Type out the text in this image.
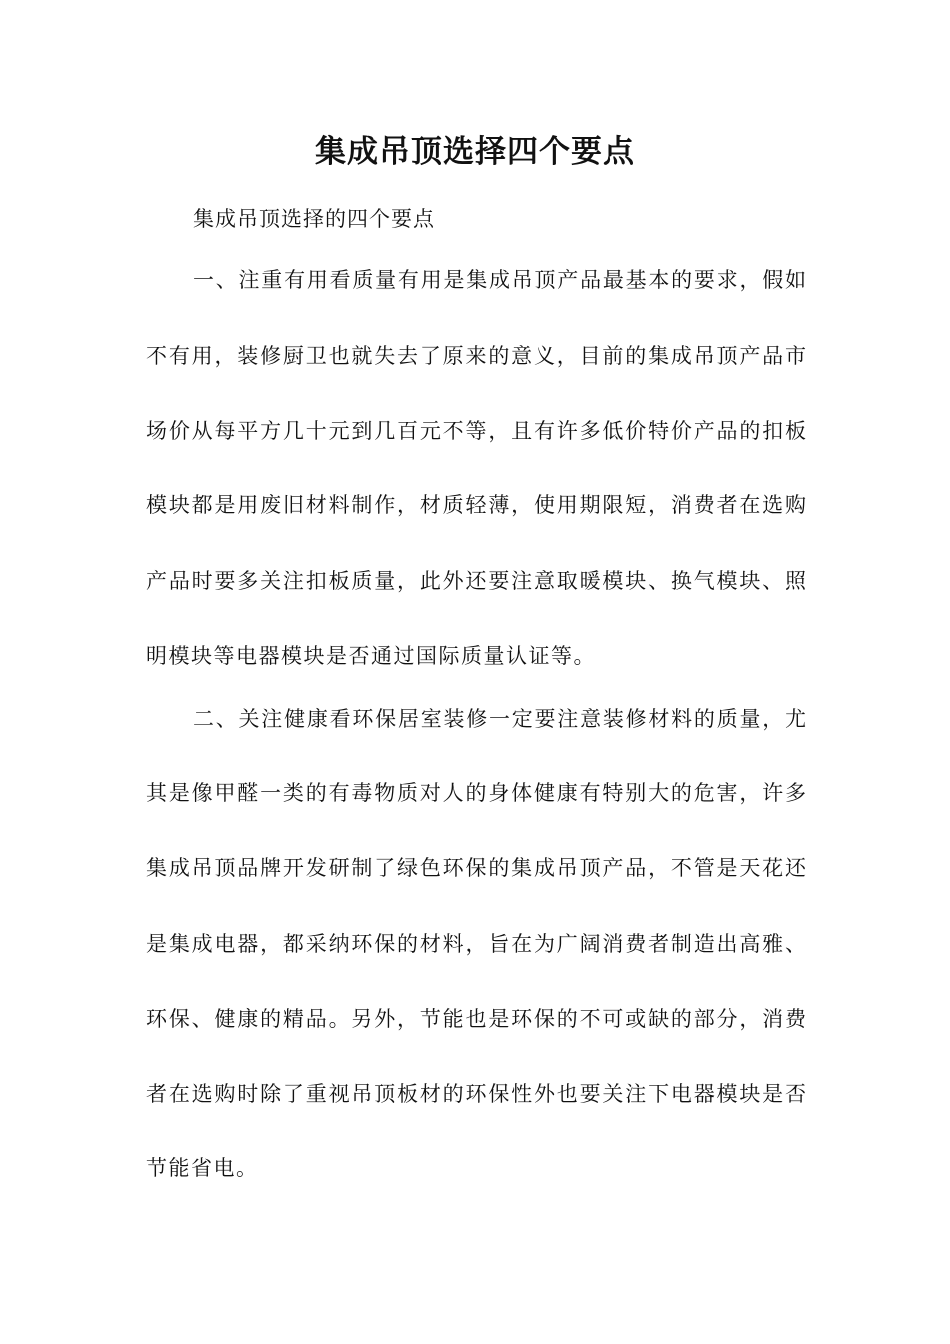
集成吊顶选择四个要点

集成吊顶选择的四个要点

一、注重有用看质量有用是集成吊顶产品最基本的要求，假如

不有用，装修厨卫也就失去了原来的意义，目前的集成吊顶产品市

场价从每平方几十元到几百元不等，且有许多低价特价产品的扣板

模块都是用废旧材料制作，材质轻薄，使用期限短，消费者在选购

产品时要多关注扣板质量，此外还要注意取暖模块、换气模块、照

明模块等电器模块是否通过国际质量认证等。

二、关注健康看环保居室装修一定要注意装修材料的质量，尤

其是像甲醛一类的有毒物质对人的身体健康有特别大的危害，许多

集成吊顶品牌开发研制了绿色环保的集成吊顶产品，不管是天花还

是集成电器，都采纳环保的材料，旨在为广阔消费者制造出高雅、

环保、健康的精品。另外，节能也是环保的不可或缺的部分，消费

者在选购时除了重视吊顶板材的环保性外也要关注下电器模块是否

节能省电。
